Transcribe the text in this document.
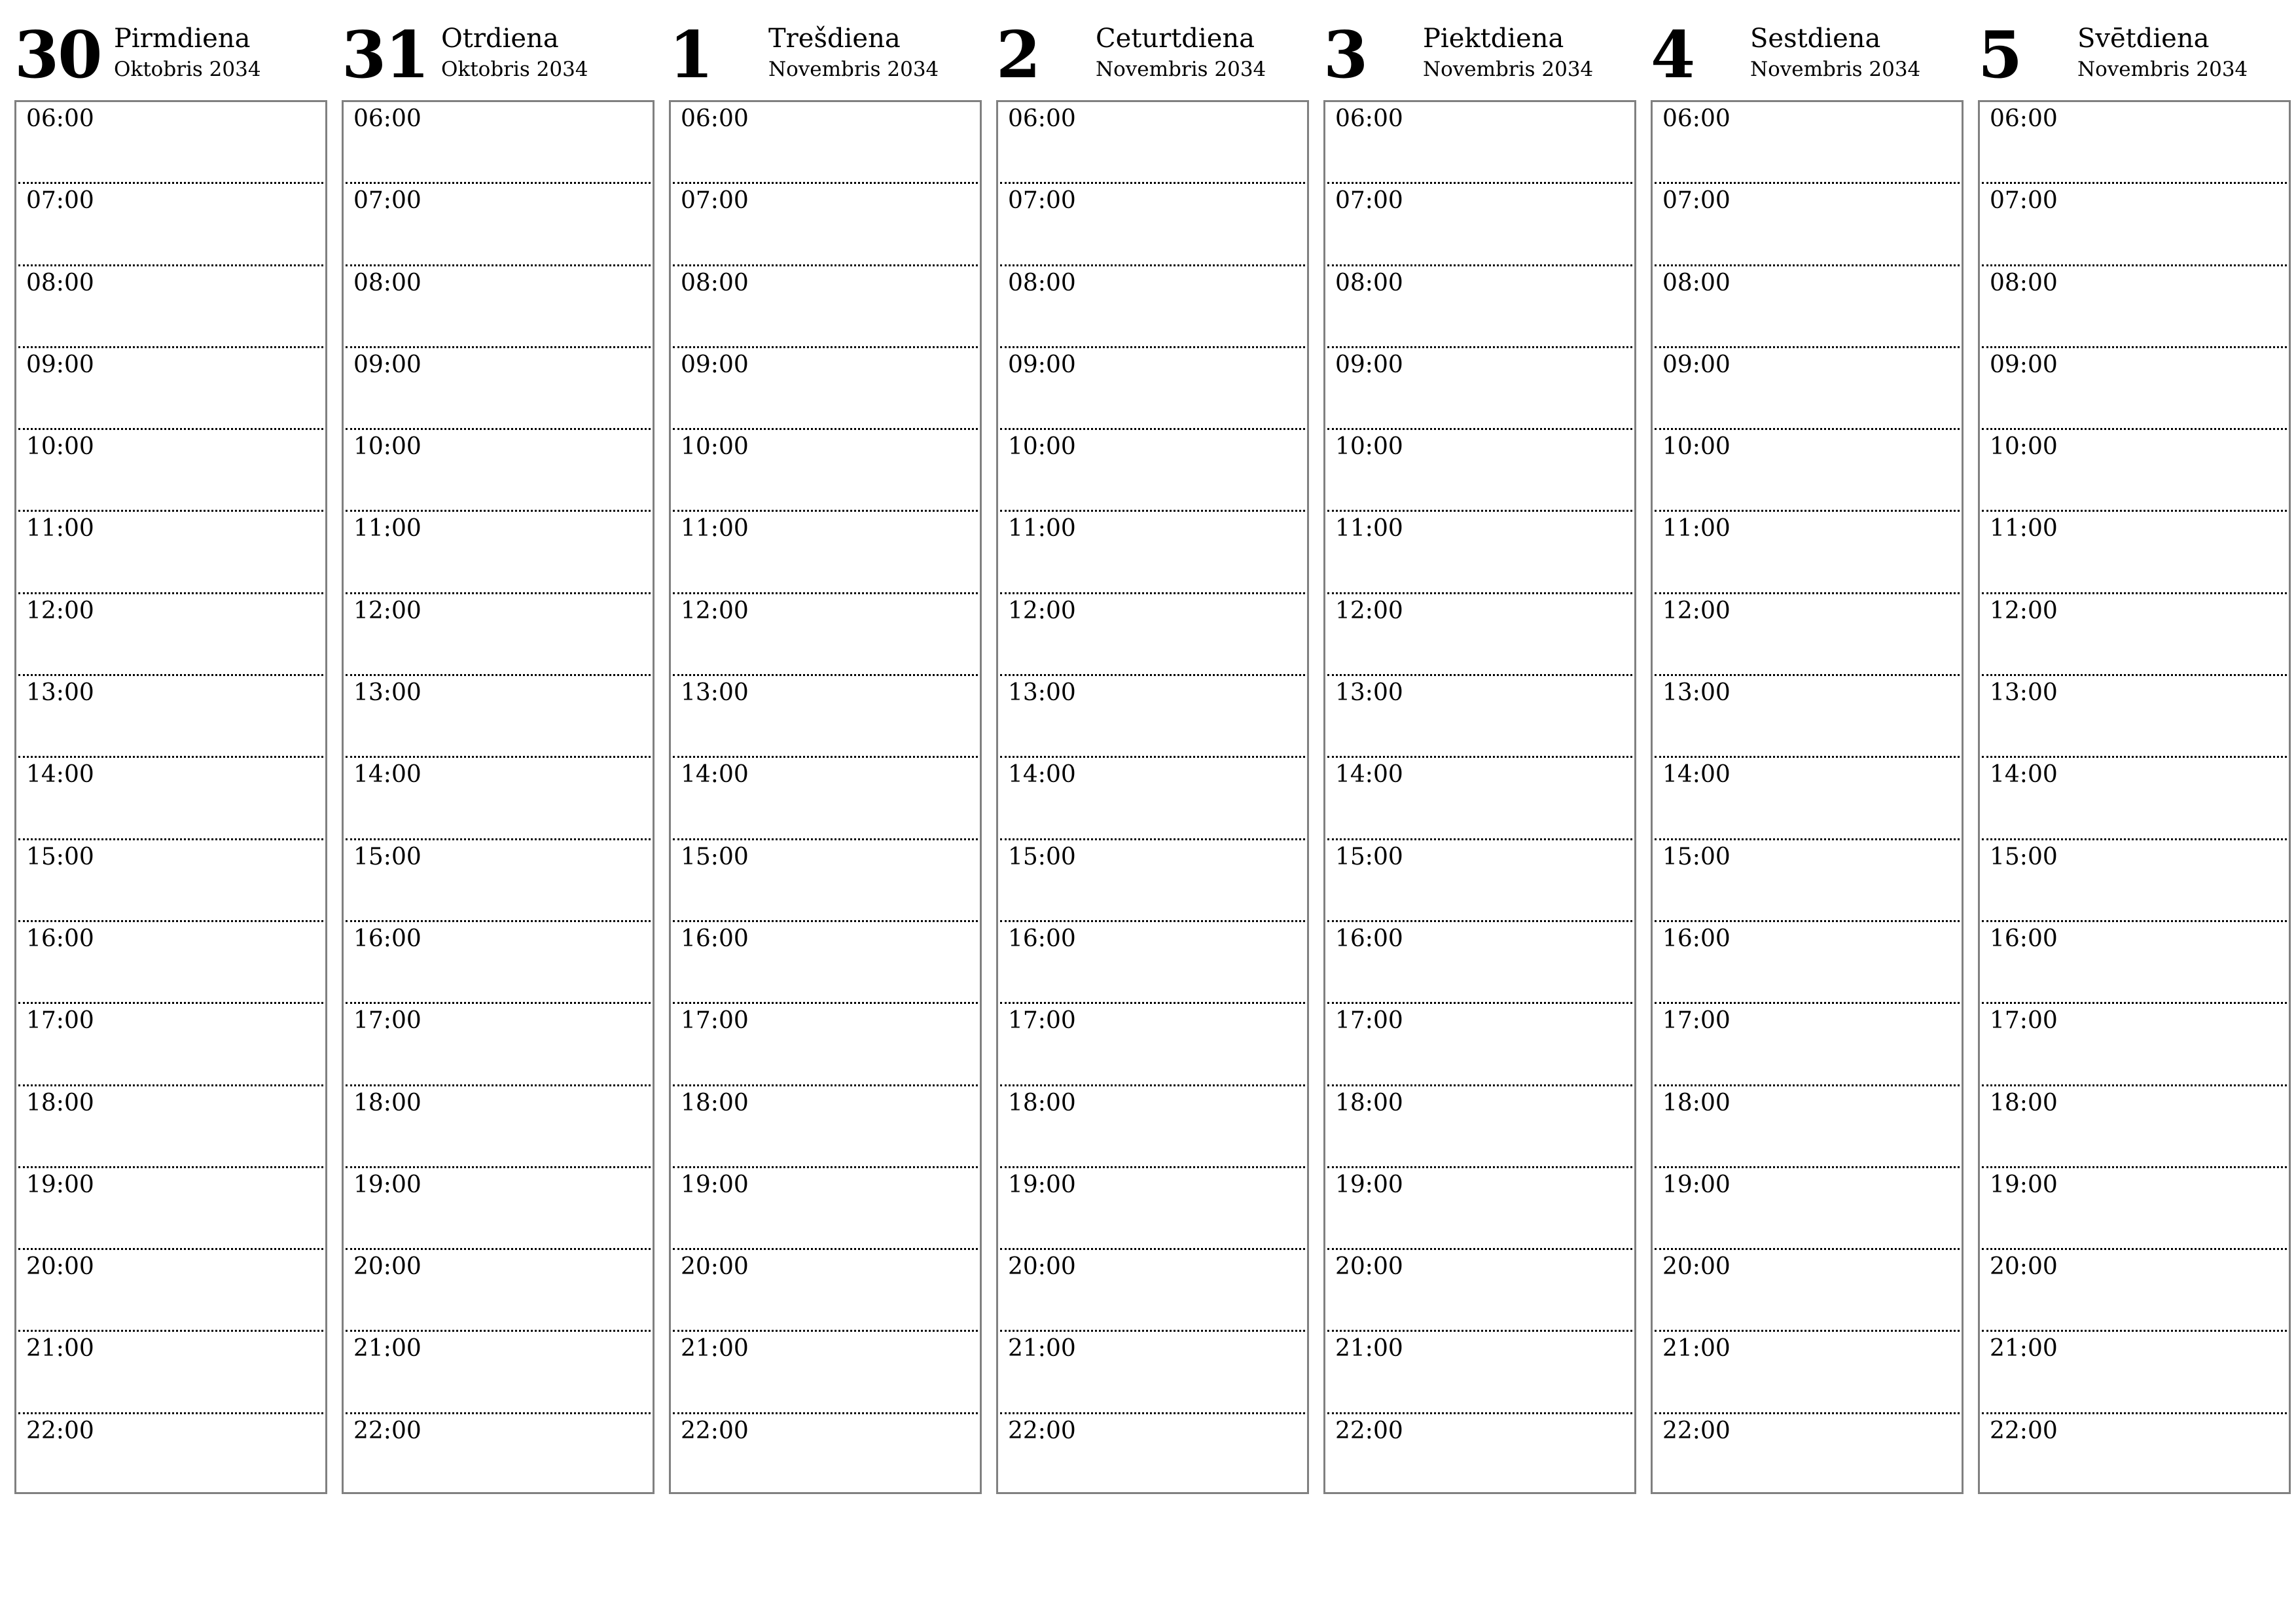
30 Pirmdiena
Oktobris 2034
06:00
07:00
08:00
09:00
10:00
11:00
12:00
13:00
14:00
15:00
16:00
17:00
18:00
19:00
20:00
21:00
22:00
31 Otrdiena
Oktobris 2034
06:00
07:00
08:00
09:00
10:00
11:00
12:00
13:00
14:00
15:00
16:00
17:00
18:00
19:00
20:00
21:00
22:00
1	Trešdiena
Novembris 2034
06:00
07:00
08:00
09:00
10:00
11:00
12:00
13:00
14:00
15:00
16:00
17:00
18:00
19:00
20:00
21:00
22:00
2	Ceturtdiena
Novembris 2034
06:00
07:00
08:00
09:00
10:00
11:00
12:00
13:00
14:00
15:00
16:00
17:00
18:00
19:00
20:00
21:00
22:00
3	Piektdiena
Novembris 2034
06:00
07:00
08:00
09:00
10:00
11:00
12:00
13:00
14:00
15:00
16:00
17:00
18:00
19:00
20:00
21:00
22:00
4	Sestdiena
Novembris 2034
06:00
07:00
08:00
09:00
10:00
11:00
12:00
13:00
14:00
15:00
16:00
17:00
18:00
19:00
20:00
21:00
22:00
5	Svētdiena
Novembris 2034
06:00
07:00
08:00
09:00
10:00
11:00
12:00
13:00
14:00
15:00
16:00
17:00
18:00
19:00
20:00
21:00
22:00
